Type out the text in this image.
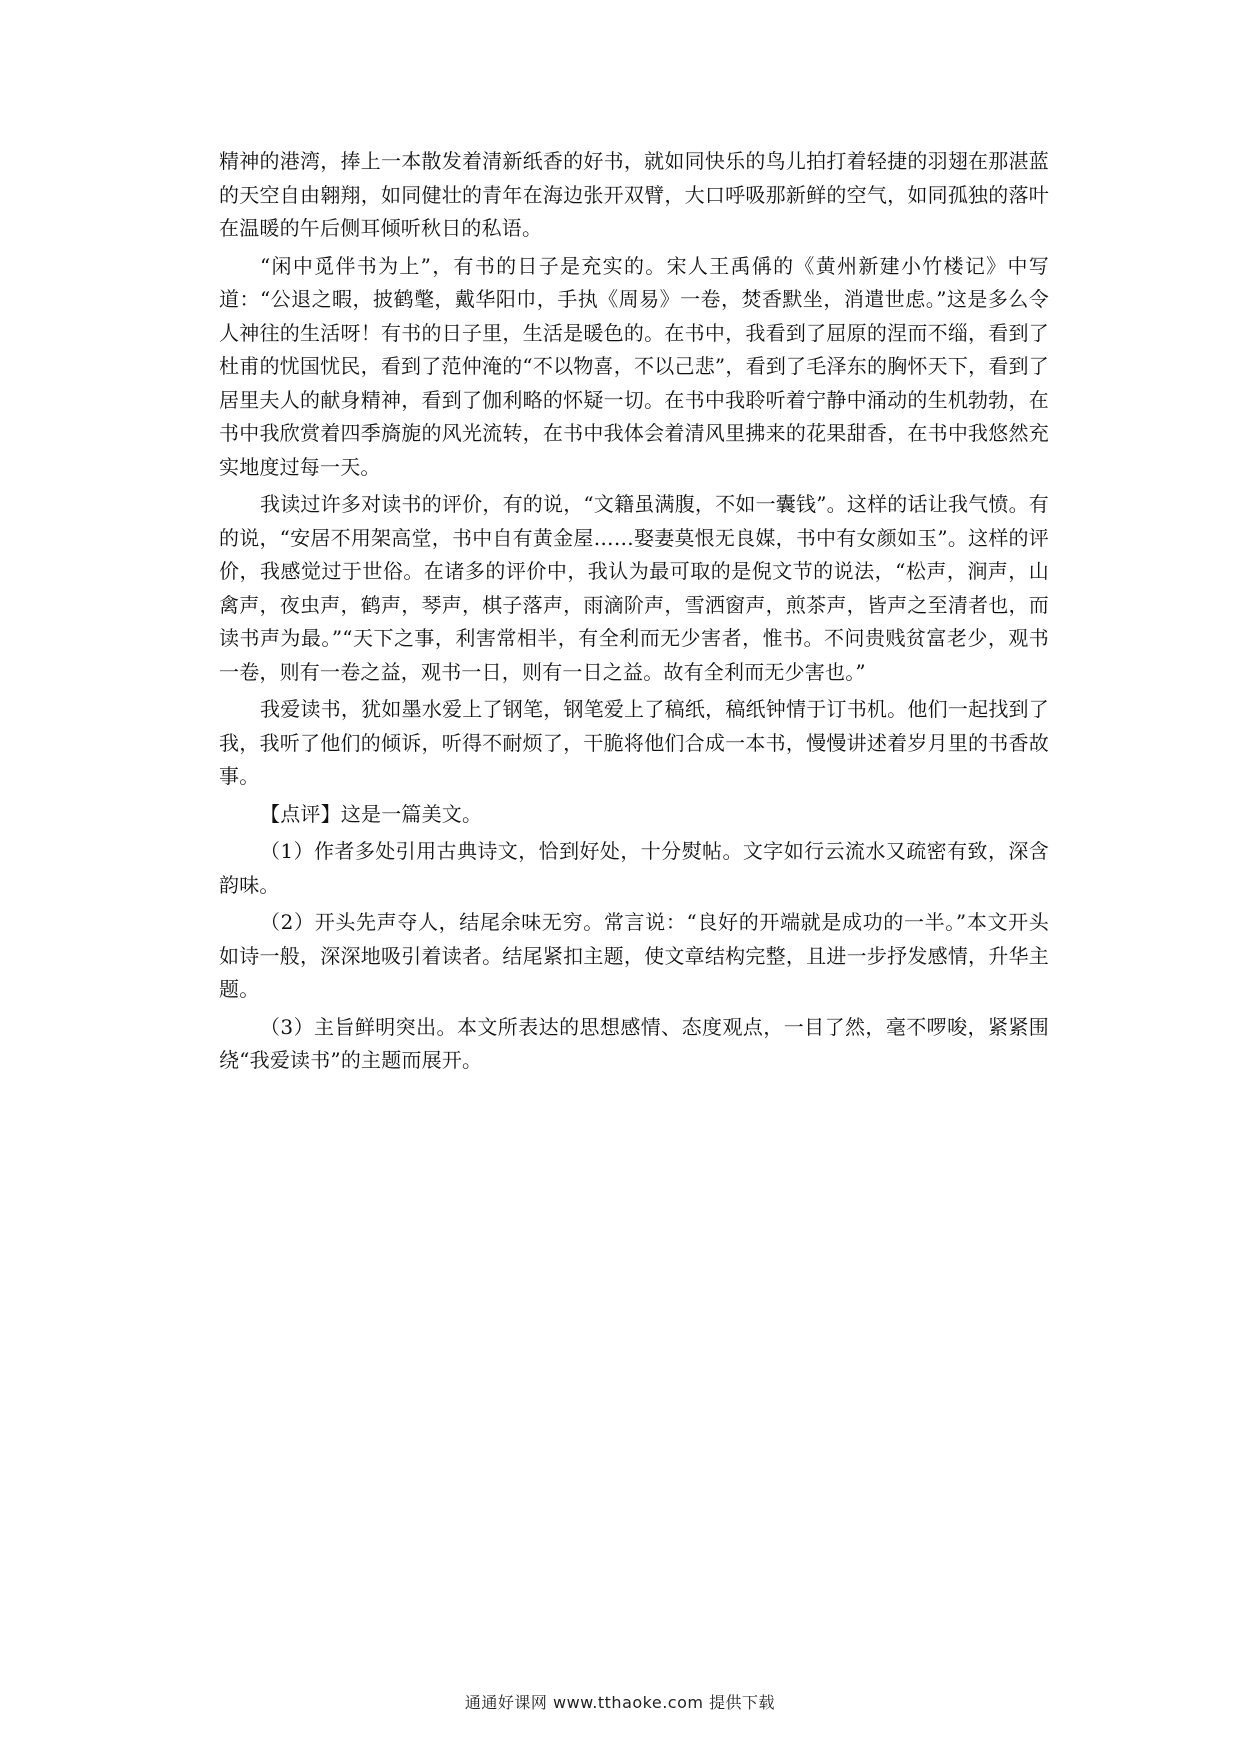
精神的港湾，捧上一本散发着清新纸香的好书，就如同快乐的鸟儿拍打着轻捷的羽翅在那湛蓝的天空自由翱翔，如同健壮的青年在海边张开双臂，大口呼吸那新鲜的空气，如同孤独的落叶在温暖的午后侧耳倾听秋日的私语。

“闲中觅伴书为上”，有书的日子是充实的。宋人王禹偁的《黄州新建小竹楼记》中写道：“公退之暇，披鹤氅，戴华阳巾，手执《周易》一卷，焚香默坐，消遣世虑。”这是多么令人神往的生活呀！有书的日子里，生活是暖色的。在书中，我看到了屈原的涅而不缁，看到了杜甫的忧国忧民，看到了范仲淹的“不以物喜，不以己悲”，看到了毛泽东的胸怀天下，看到了居里夫人的献身精神，看到了伽利略的怀疑一切。在书中我聆听着宁静中涌动的生机勃勃，在书中我欣赏着四季旖旎的风光流转，在书中我体会着清风里拂来的花果甜香，在书中我悠然充实地度过每一天。

我读过许多对读书的评价，有的说，“文籍虽满腹，不如一囊钱”。这样的话让我气愤。有的说，“安居不用架高堂，书中自有黄金屋……娶妻莫恨无良媒，书中有女颜如玉”。这样的评价，我感觉过于世俗。在诸多的评价中，我认为最可取的是倪文节的说法，“松声，涧声，山禽声，夜虫声，鹤声，琴声，棋子落声，雨滴阶声，雪洒窗声，煎茶声，皆声之至清者也，而读书声为最。”“天下之事，利害常相半，有全利而无少害者，惟书。不问贵贱贫富老少，观书一卷，则有一卷之益，观书一日，则有一日之益。故有全利而无少害也。”

我爱读书，犹如墨水爱上了钢笔，钢笔爱上了稿纸，稿纸钟情于订书机。他们一起找到了我，我听了他们的倾诉，听得不耐烦了，干脆将他们合成一本书，慢慢讲述着岁月里的书香故事。

【点评】这是一篇美文。

（1）作者多处引用古典诗文，恰到好处，十分熨帖。文字如行云流水又疏密有致，深含韵味。

（2）开头先声夺人，结尾余味无穷。常言说：“良好的开端就是成功的一半。”本文开头如诗一般，深深地吸引着读者。结尾紧扣主题，使文章结构完整，且进一步抒发感情，升华主题。

（3）主旨鲜明突出。本文所表达的思想感情、态度观点，一目了然，毫不啰唆，紧紧围绕“我爱读书”的主题而展开。

通通好课网 www.tthaoke.com 提供下载
